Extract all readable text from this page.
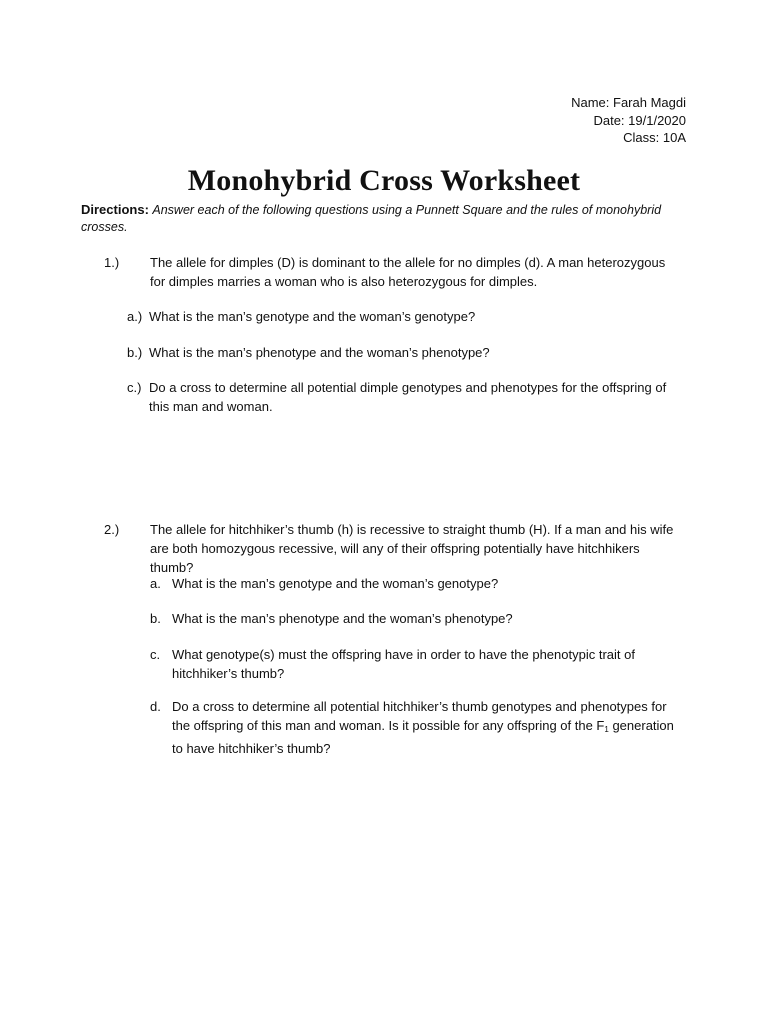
Name: Farah Magdi
Date: 19/1/2020
Class: 10A
Monohybrid Cross Worksheet
Directions: Answer each of the following questions using a Punnett Square and the rules of monohybrid crosses.
1.) The allele for dimples (D) is dominant to the allele for no dimples (d). A man heterozygous for dimples marries a woman who is also heterozygous for dimples.
a.) What is the man’s genotype and the woman’s genotype?
b.) What is the man’s phenotype and the woman’s phenotype?
c.) Do a cross to determine all potential dimple genotypes and phenotypes for the offspring of this man and woman.
2.) The allele for hitchhiker’s thumb (h) is recessive to straight thumb (H). If a man and his wife are both homozygous recessive, will any of their offspring potentially have hitchhikers thumb?
a. What is the man’s genotype and the woman’s genotype?
b. What is the man’s phenotype and the woman’s phenotype?
c. What genotype(s) must the offspring have in order to have the phenotypic trait of hitchhiker’s thumb?
d. Do a cross to determine all potential hitchhiker’s thumb genotypes and phenotypes for the offspring of this man and woman. Is it possible for any offspring of the $F_1$ generation to have hitchhiker’s thumb?
